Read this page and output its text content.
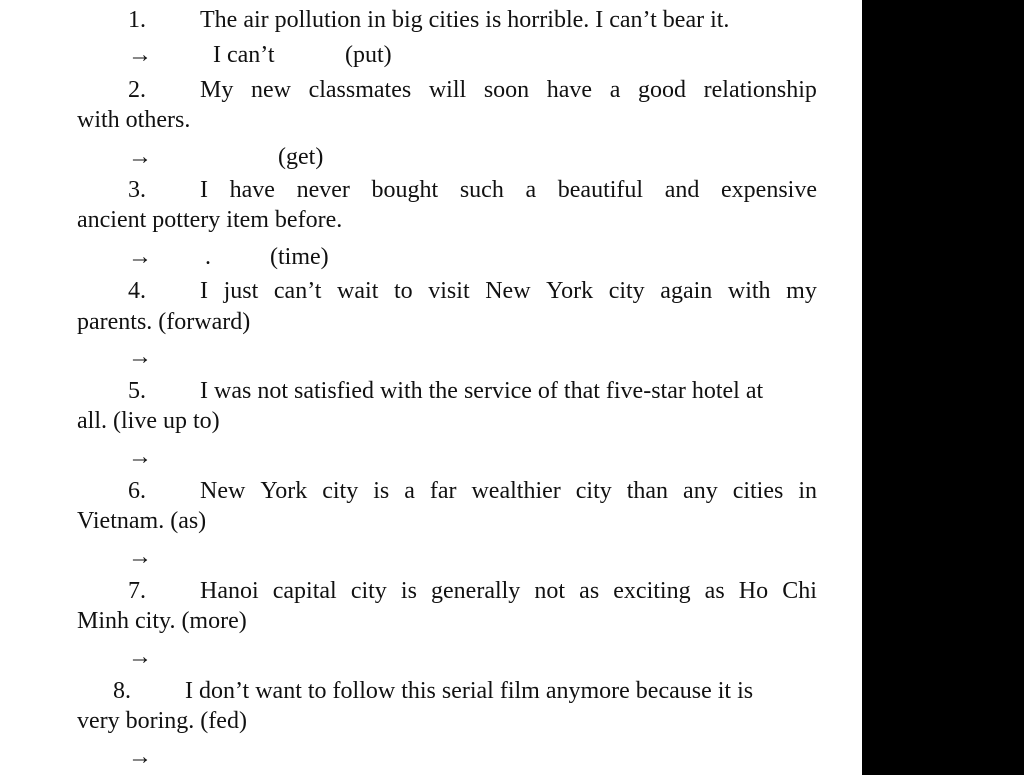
1. The air pollution in big cities is horrible. I can’t bear it.
→	I can’t	(put)
2. My new classmates will soon have a good relationship
with others.
→	(get)
3. I have never bought such a beautiful and expensive
ancient pottery item before.
→ . (time)
4. I just can’t wait to visit New York city again with my
parents. (forward)
→
5. I was not satisfied with the service of that five-star hotel at
all. (live up to)
→
6. New York city is a far wealthier city than any cities in
Vietnam. (as)
→
7. Hanoi capital city is generally not as exciting as Ho Chi
Minh city. (more)
→
8. I don’t want to follow this serial film anymore because it is
very boring. (fed)
→
